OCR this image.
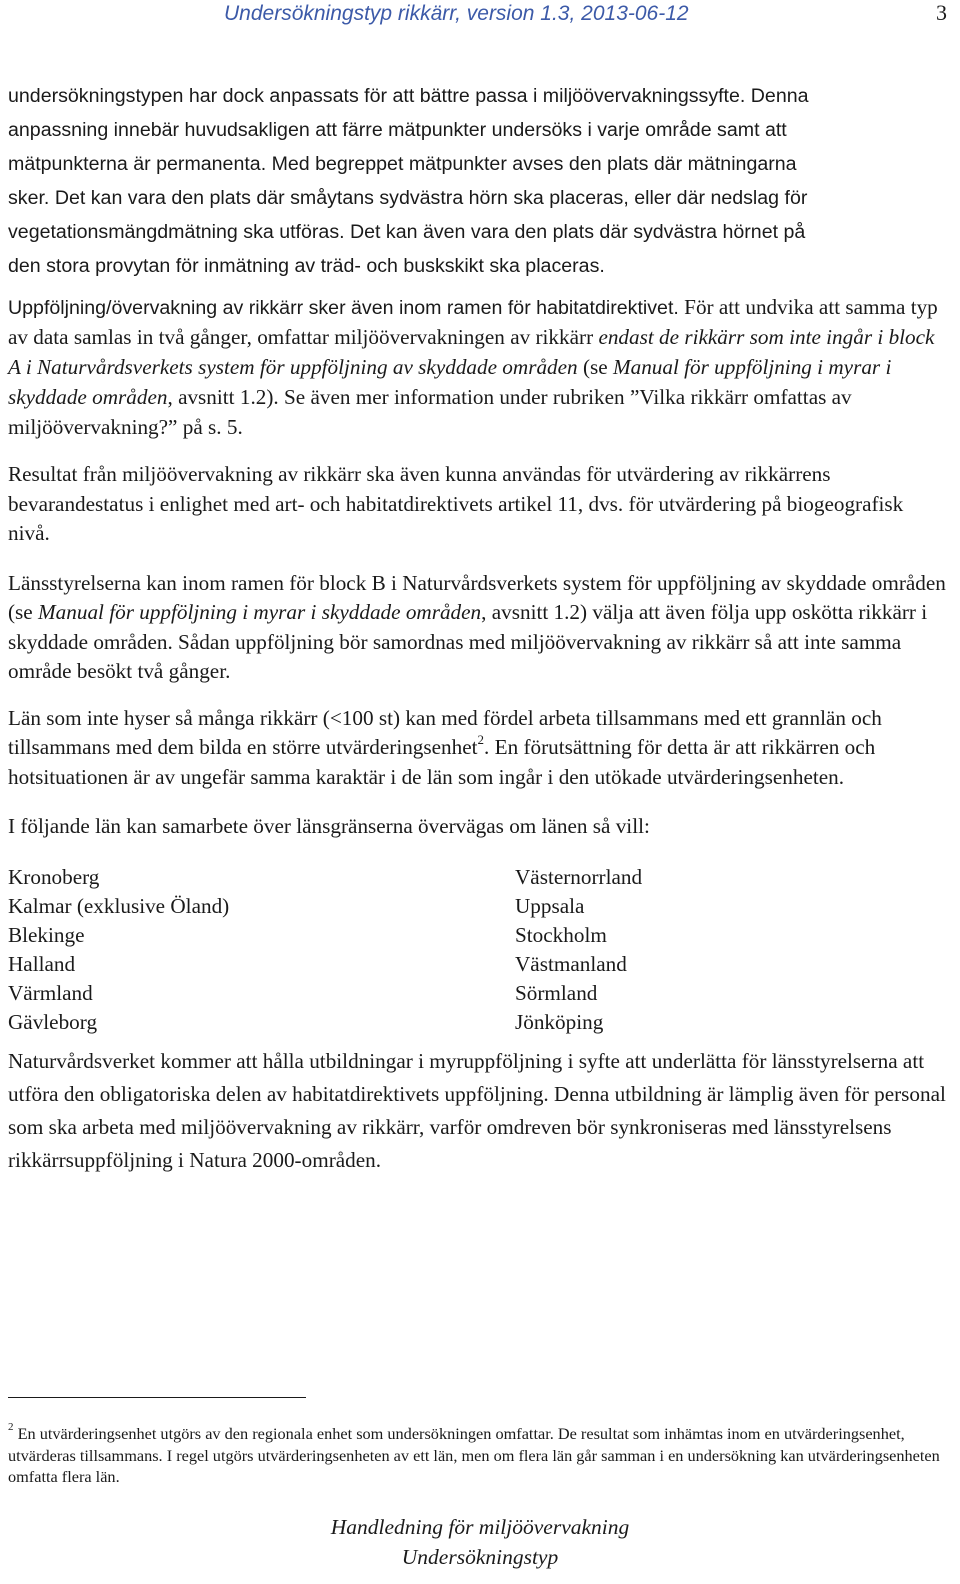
Undersökningstyp rikkärr, version 1.3, 2013-06-12	3
undersökningstypen har dock anpassats för att bättre passa i miljöövervakningssyfte. Denna
anpassning innebär huvudsakligen att färre mätpunkter undersöks i varje område samt att
mätpunkterna är permanenta. Med begreppet mätpunkter avses den plats där mätningarna
sker. Det kan vara den plats där småytans sydvästra hörn ska placeras, eller där nedslag för
vegetationsmängdmätning ska utföras. Det kan även vara den plats där sydvästra hörnet på
den stora provytan för inmätning av träd- och buskskikt ska placeras.

Uppföljning/övervakning av rikkärr sker även inom ramen för habitatdirektivet. För att undvika att samma typ av data samlas in två gånger, omfattar miljöövervakningen av rikkärr endast de rikkärr som inte ingår i block A i Naturvårdsverkets system för uppföljning av skyddade områden (se Manual för uppföljning i myrar i skyddade områden, avsnitt 1.2). Se även mer information under rubriken ”Vilka rikkärr omfattas av miljöövervakning?” på s. 5.

Resultat från miljöövervakning av rikkärr ska även kunna användas för utvärdering av rikkärrens bevarandestatus i enlighet med art- och habitatdirektivets artikel 11, dvs. för utvärdering på biogeografisk nivå.

Länsstyrelserna kan inom ramen för block B i Naturvårdsverkets system för uppföljning av skyddade områden (se Manual för uppföljning i myrar i skyddade områden, avsnitt 1.2) välja att även följa upp oskötta rikkärr i skyddade områden. Sådan uppföljning bör samordnas med miljöövervakning av rikkärr så att inte samma område besökt två gånger.

Län som inte hyser så många rikkärr (<100 st) kan med fördel arbeta tillsammans med ett grannlän och tillsammans med dem bilda en större utvärderingsenhet$^2$. En förutsättning för detta är att rikkärren och hotsituationen är av ungefär samma karaktär i de län som ingår i den utökade utvärderingsenheten.

I följande län kan samarbete över länsgränserna övervägas om länen så vill:

Kronoberg
Kalmar (exklusive Öland)
Blekinge
Halland
Värmland
Gävleborg
Västernorrland
Uppsala
Stockholm
Västmanland
Sörmland
Jönköping

Naturvårdsverket kommer att hålla utbildningar i myruppföljning i syfte att underlätta för länsstyrelserna att utföra den obligatoriska delen av habitatdirektivets uppföljning. Denna utbildning är lämplig även för personal som ska arbeta med miljöövervakning av rikkärr, varför omdreven bör synkroniseras med länsstyrelsens rikkärrsuppföljning i Natura 2000-områden.

$^2$ En utvärderingsenhet utgörs av den regionala enhet som undersökningen omfattar. De resultat som inhämtas inom en utvärderingsenhet, utvärderas tillsammans. I regel utgörs utvärderingsenheten av ett län, men om flera län går samman i en undersökning kan utvärderingsenheten omfatta flera län.
Handledning för miljöövervakning
Undersökningstyp
